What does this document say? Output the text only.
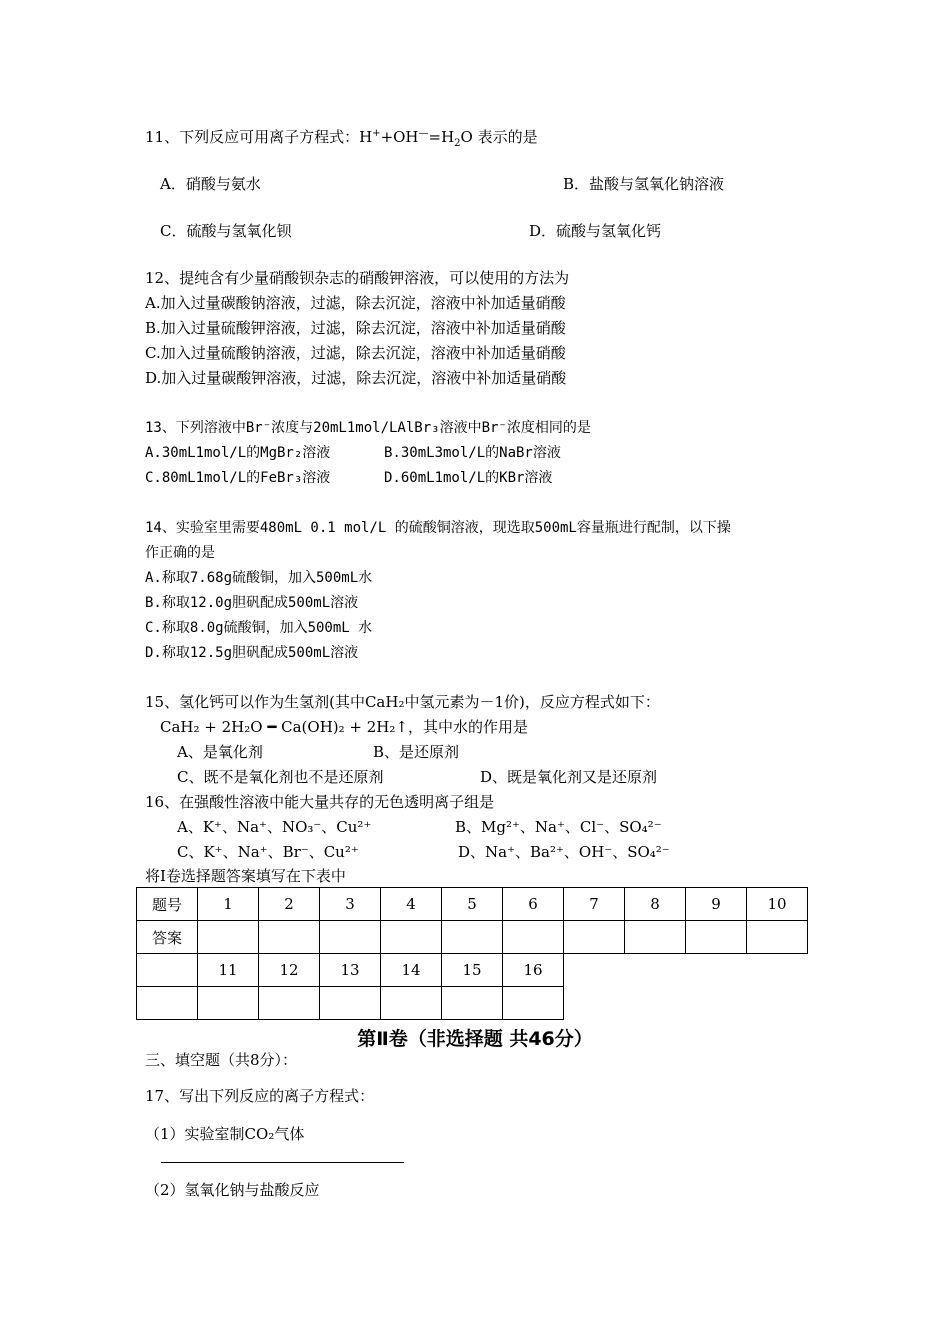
11、下列反应可用离子方程式：$H^++OH^—=H_2O$ 表示的是
A．硝酸与氨水	B．盐酸与氢氧化钠溶液
C．硫酸与氢氧化钡	D．硫酸与氢氧化钙
12、提纯含有少量硝酸钡杂志的硝酸钾溶液，可以使用的方法为
A.加入过量碳酸钠溶液，过滤，除去沉淀，溶液中补加适量硝酸
B.加入过量硫酸钾溶液，过滤，除去沉淀，溶液中补加适量硝酸
C.加入过量硫酸钠溶液，过滤，除去沉淀，溶液中补加适量硝酸
D.加入过量碳酸钾溶液，过滤，除去沉淀，溶液中补加适量硝酸
13、下列溶液中Br⁻浓度与20mL1mol/LAlBr₃溶液中Br⁻浓度相同的是
A.30mL1mol/L的MgBr₂溶液	B.30mL3mol/L的NaBr溶液
C.80mL1mol/L的FeBr₃溶液	D.60mL1mol/L的KBr溶液
14、实验室里需要480mL 0.1 mol/L 的硫酸铜溶液，现选取500mL容量瓶进行配制，以下操
作正确的是
A.称取7.68g硫酸铜，加入500mL水
B.称取12.0g胆矾配成500mL溶液
C.称取8.0g硫酸铜，加入500mL 水
D.称取12.5g胆矾配成500mL溶液
15、氢化钙可以作为生氢剂(其中CaH₂中氢元素为－1价)，反应方程式如下：
CaH₂ + 2H₂O ━ Ca(OH)₂ + 2H₂↑，其中水的作用是
A、是氧化剂	B、是还原剂
C、既不是氧化剂也不是还原剂	D、既是氧化剂又是还原剂
16、在强酸性溶液中能大量共存的无色透明离子组是
A、K⁺、Na⁺、NO₃⁻、Cu²⁺	B、Mg²⁺、Na⁺、Cl⁻、SO₄²⁻
C、K⁺、Na⁺、Br⁻、Cu²⁺	D、Na⁺、Ba²⁺、OH⁻、SO₄²⁻
将Ⅰ卷选择题答案填写在下表中
题号	1	2	3	4	5	6	7	8	9	10
答案										
	11	12	13	14	15	16				

第Ⅱ卷（非选择题 共46分）
三、填空题（共8分）：
17、写出下列反应的离子方程式：
（1）实验室制CO₂气体
（2）氢氧化钠与盐酸反应
